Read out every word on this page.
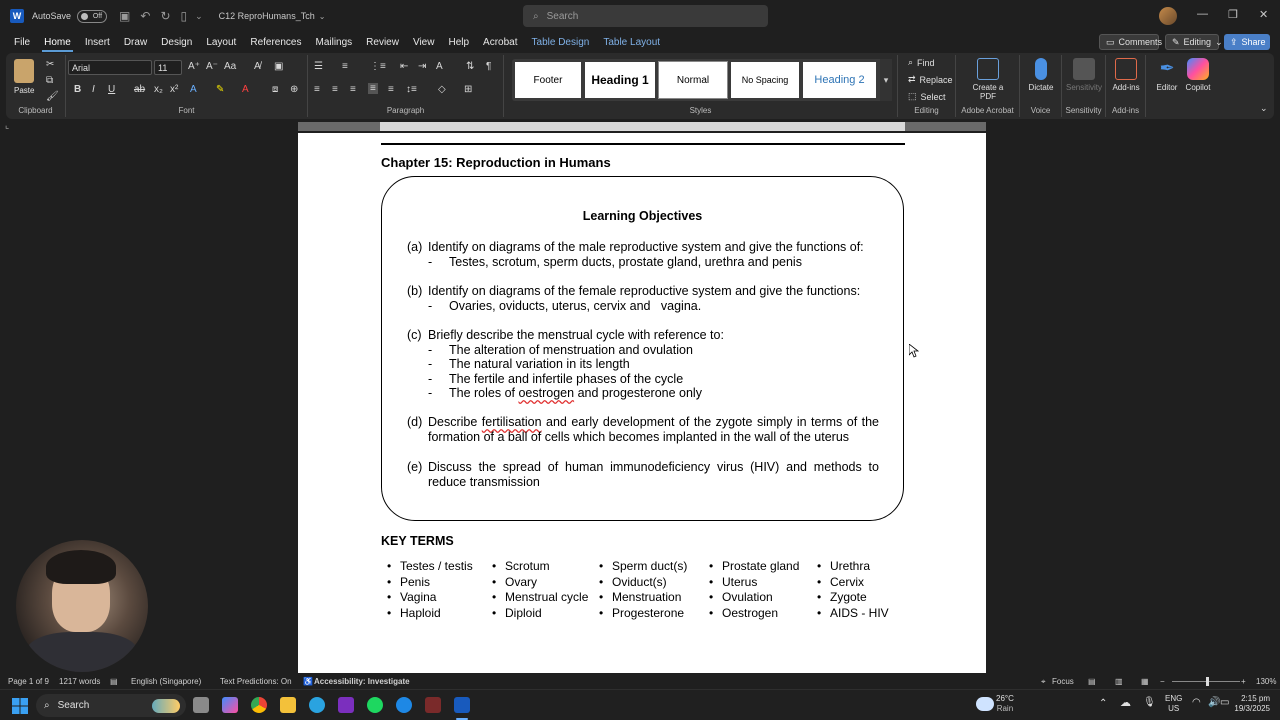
W	AutoSave	Off ▣ ↶ ↻ ▯ ⌄ C12 ReproHumans_Tch ⌄	⌕ Search	— ❐ ✕
File	Home	Insert	Draw	Design	Layout	References	Mailings	Review	View	Help	Acrobat	Table Design	Table Layout	▭ Comments ✎ Editing ⌄ ⇪ Share
Paste
✂
⧉
🖌
Clipboard
Arial	11 A⁺ A⁻ Aa A̸ ▣
B I U ab x₂ x² A ✎ A ⧈ ⊕
Font
☰ ≡ ⋮≡ ⇤ ⇥ A ⇅ ¶
≡ ≡ ≡ ≡ ≡ ↕≡ ◇ ⊞
Paragraph	Styles
Footer	Heading 1	Normal	No Spacing	Heading 2	▾
Editing
⌕ Find
⇄ Replace
⬚ Select
Create a PDF
Adobe Acrobat
Dictate
Voice
Sensitivity
Sensitivity
Add-ins
Add-ins
✒
Editor Copilot
⌄
⌞
Chapter 15: Reproduction in Humans
Learning Objectives
(a) Identify on diagrams of the male reproductive system and give the functions of:
- Testes, scrotum, sperm ducts, prostate gland, urethra and penis
(b) Identify on diagrams of the female reproductive system and give the functions:
- Ovaries, oviducts, uterus, cervix and   vagina.
(c) Briefly describe the menstrual cycle with reference to:
- The alteration of menstruation and ovulation
- The natural variation in its length
- The fertile and infertile phases of the cycle
- The roles of oestrogen and progesterone only
(d) Describe fertilisation and early development of the zygote simply in terms of the formation of a ball of cells which becomes implanted in the wall of the uterus
(e) Discuss the spread of human immunodeficiency virus (HIV) and methods to reduce transmission
KEY TERMS
• Testes / testis
• Penis
• Vagina
• Haploid
• Scrotum
• Ovary
• Menstrual cycle
• Diploid
• Sperm duct(s)
• Oviduct(s)
• Menstruation
• Progesterone
• Prostate gland
• Uterus
• Ovulation
• Oestrogen
• Urethra
• Cervix
• Zygote
• AIDS - HIV
Page 1 of 9 1217 words ▤ English (Singapore) Text Predictions: On ♿ Accessibility: Investigate	⌖ Focus ▤ ▥ ▦ −	+ 130%
⌕ Search
26°C
Rain	⌃ ☁ 🎙 ENG
US
◠ 🔊 ▭	2:15 pm
19/3/2025
